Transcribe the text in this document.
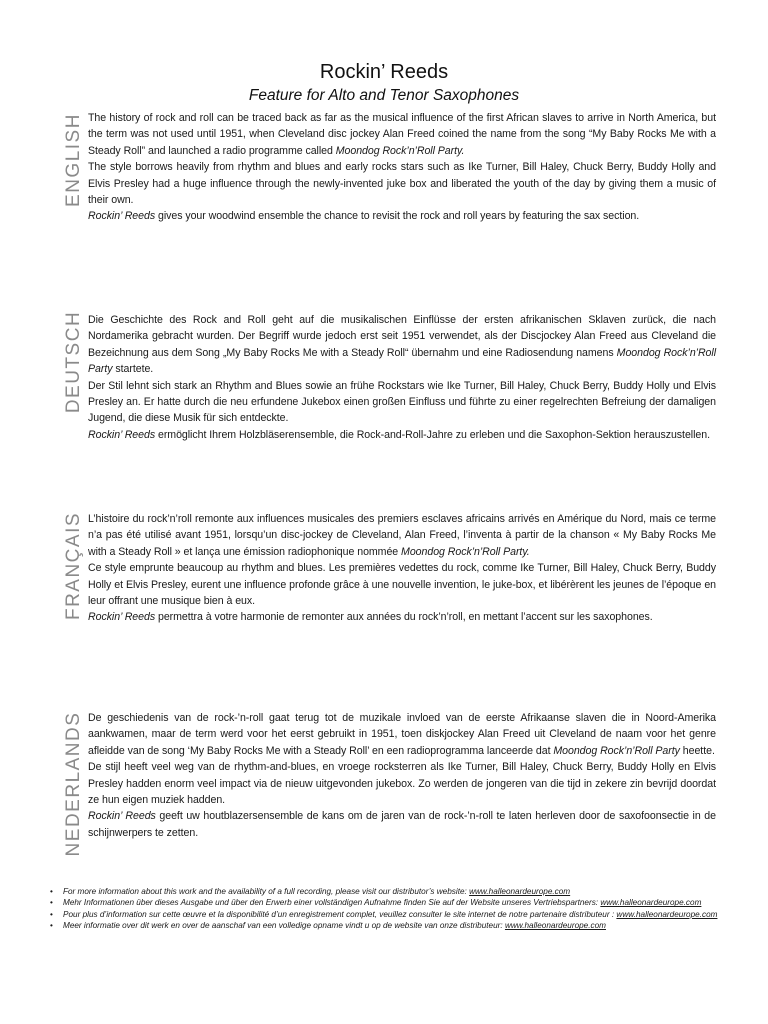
Rockin’ Reeds
Feature for Alto and Tenor Saxophones
ENGLISH The history of rock and roll can be traced back as far as the musical influence of the first African slaves to arrive in North America, but the term was not used until 1951, when Cleveland disc jockey Alan Freed coined the name from the song “My Baby Rocks Me with a Steady Roll” and launched a radio programme called Moondog Rock’n’Roll Party.

The style borrows heavily from rhythm and blues and early rocks stars such as Ike Turner, Bill Haley, Chuck Berry, Buddy Holly and Elvis Presley had a huge influence through the newly-invented juke box and liberated the youth of the day by giving them a music of their own.

Rockin’ Reeds gives your woodwind ensemble the chance to revisit the rock and roll years by featuring the sax section.

DEUTSCH Die Geschichte des Rock and Roll geht auf die musikalischen Einflüsse der ersten afrikanischen Sklaven zurück, die nach Nordamerika gebracht wurden. Der Begriff wurde jedoch erst seit 1951 verwendet, als der Discjockey Alan Freed aus Cleveland die Bezeichnung aus dem Song „My Baby Rocks Me with a Steady Roll“ übernahm und eine Radiosendung namens Moondog Rock’n’Roll Party startete.

Der Stil lehnt sich stark an Rhythm and Blues sowie an frühe Rockstars wie Ike Turner, Bill Haley, Chuck Berry, Buddy Holly und Elvis Presley an. Er hatte durch die neu erfundene Jukebox einen großen Einfluss und führte zu einer regelrechten Befreiung der damaligen Jugend, die diese Musik für sich entdeckte.

Rockin’ Reeds ermöglicht Ihrem Holzbläserensemble, die Rock-and-Roll-Jahre zu erleben und die Saxophon-Sektion herauszustellen.

FRANÇAIS L’histoire du rock’n’roll remonte aux influences musicales des premiers esclaves africains arrivés en Amérique du Nord, mais ce terme n’a pas été utilisé avant 1951, lorsqu’un disc-jockey de Cleveland, Alan Freed, l’inventa à partir de la chanson « My Baby Rocks Me with a Steady Roll » et lança une émission radiophonique nommée Moondog Rock’n’Roll Party.

Ce style emprunte beaucoup au rhythm and blues. Les premières vedettes du rock, comme Ike Turner, Bill Haley, Chuck Berry, Buddy Holly et Elvis Presley, eurent une influence profonde grâce à une nouvelle invention, le juke-box, et libérèrent les jeunes de l’époque en leur offrant une musique bien à eux.

Rockin’ Reeds permettra à votre harmonie de remonter aux années du rock’n’roll, en mettant l’accent sur les saxophones.

NEDERLANDS De geschiedenis van de rock-’n-roll gaat terug tot de muzikale invloed van de eerste Afrikaanse slaven die in Noord-Amerika aankwamen, maar de term werd voor het eerst gebruikt in 1951, toen diskjockey Alan Freed uit Cleveland de naam voor het genre afleidde van de song ‘My Baby Rocks Me with a Steady Roll’ en een radioprogramma lanceerde dat Moondog Rock’n’Roll Party heette.

De stijl heeft veel weg van de rhythm-and-blues, en vroege rocksterren als Ike Turner, Bill Haley, Chuck Berry, Buddy Holly en Elvis Presley hadden enorm veel impact via de nieuw uitgevonden jukebox. Zo werden de jongeren van die tijd in zekere zin bevrijd doordat ze hun eigen muziek hadden.

Rockin’ Reeds geeft uw houtblazersensemble de kans om de jaren van de rock-’n-roll te laten herleven door de saxofoonsectie in de schijnwerpers te zetten.

• For more information about this work and the availability of a full recording, please visit our distributor’s website: www.halleonardeurope.com
• Mehr Informationen über dieses Ausgabe und über den Erwerb einer vollständigen Aufnahme finden Sie auf der Website unseres Vertriebspartners: www.halleonardeurope.com
• Pour plus d’information sur cette œuvre et la disponibilité d’un enregistrement complet, veuillez consulter le site internet de notre partenaire distributeur : www.halleonardeurope.com
• Meer informatie over dit werk en over de aanschaf van een volledige opname vindt u op de website van onze distributeur: www.halleonardeurope.com
